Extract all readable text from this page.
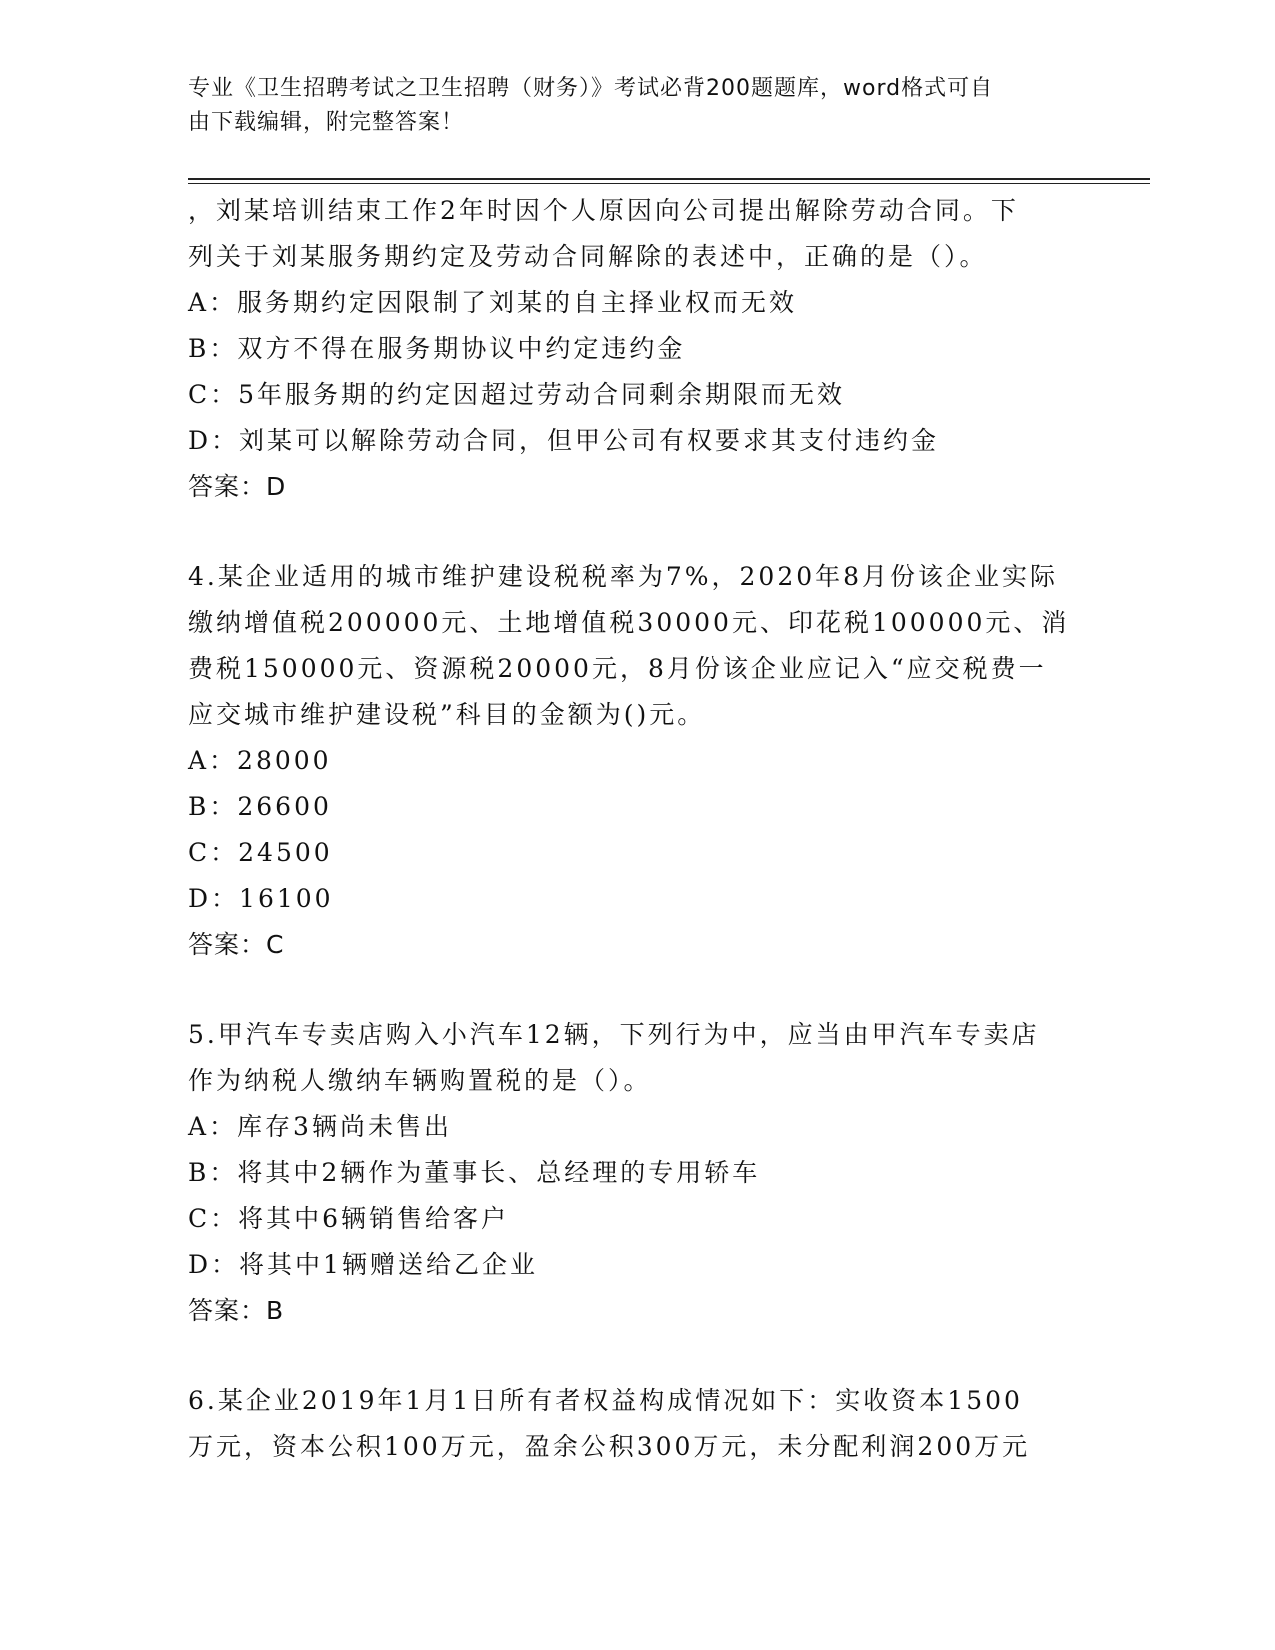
专业《卫生招聘考试之卫生招聘（财务）》考试必背200题题库，word格式可自
由下载编辑，附完整答案！
，刘某培训结束工作2年时因个人原因向公司提出解除劳动合同。下
列关于刘某服务期约定及劳动合同解除的表述中，正确的是（）。
A：服务期约定因限制了刘某的自主择业权而无效
B：双方不得在服务期协议中约定违约金
C：5年服务期的约定因超过劳动合同剩余期限而无效
D：刘某可以解除劳动合同，但甲公司有权要求其支付违约金
答案：D
4.某企业适用的城市维护建设税税率为7%，2020年8月份该企业实际
缴纳增值税200000元、土地增值税30000元、印花税100000元、消
费税150000元、资源税20000元，8月份该企业应记入“应交税费一
应交城市维护建设税”科目的金额为()元。
A：28000
B：26600
C：24500
D：16100
答案：C
5.甲汽车专卖店购入小汽车12辆，下列行为中，应当由甲汽车专卖店
作为纳税人缴纳车辆购置税的是（）。
A：库存3辆尚未售出
B：将其中2辆作为董事长、总经理的专用轿车
C：将其中6辆销售给客户
D：将其中1辆赠送给乙企业
答案：B
6.某企业2019年1月1日所有者权益构成情况如下：实收资本1500
万元，资本公积100万元，盈余公积300万元，未分配利润200万元
